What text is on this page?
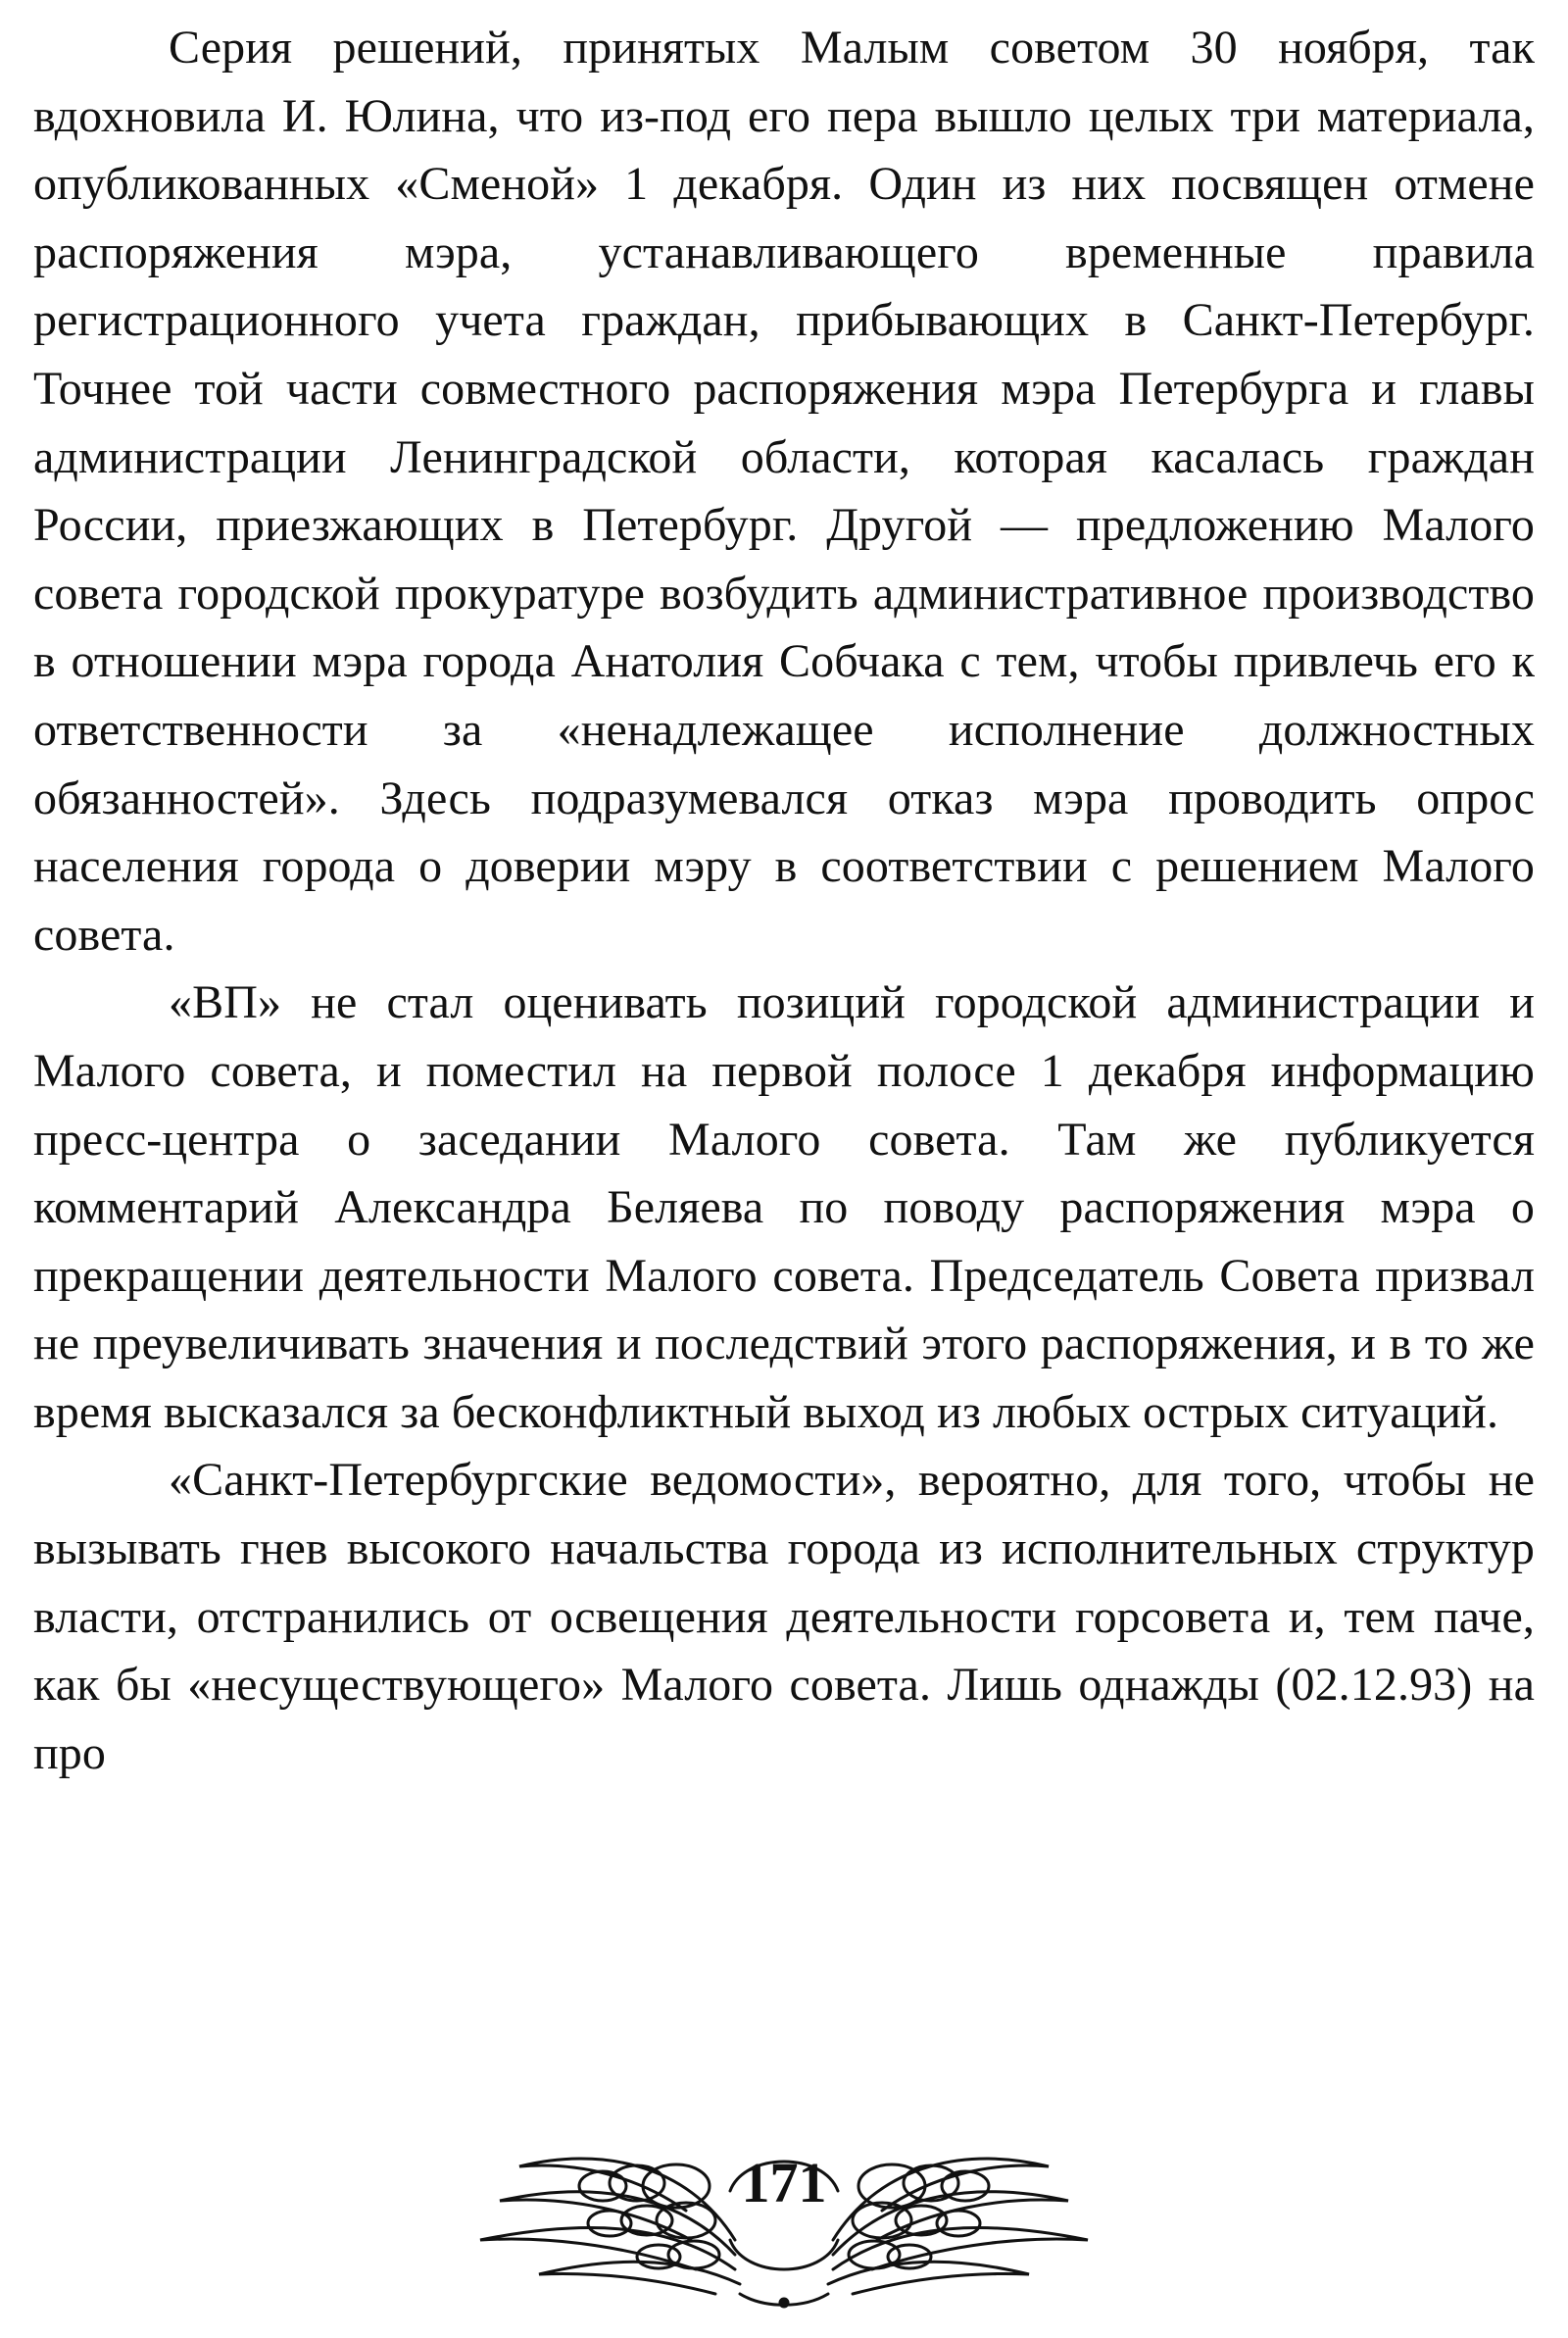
Серия решений, принятых Малым советом 30 ноября, так вдохновила И. Юлина, что из-под его пера вышло целых три материала, опубликованных «Сменой» 1 декабря. Один из них посвящен отмене распоряжения мэра, устанавливающего временные правила регистрационного учета граждан, прибывающих в Санкт-Петербург. Точнее той части совместного распоряжения мэра Петербурга и главы администрации Ленинградской области, которая касалась граждан России, приезжающих в Петербург. Другой — предложению Малого совета городской прокуратуре возбудить административное производство в отношении мэра города Анатолия Собчака с тем, чтобы привлечь его к ответственности за «ненадлежащее исполнение должностных обязанностей». Здесь подразумевался отказ мэра проводить опрос населения города о доверии мэру в соответствии с решением Малого совета.

«ВП» не стал оценивать позиций городской администрации и Малого совета, и поместил на первой полосе 1 декабря информацию пресс-центра о заседании Малого совета. Там же публикуется комментарий Александра Беляева по поводу распоряжения мэра о прекращении деятельности Малого совета. Председатель Совета призвал не преувеличивать значения и последствий этого распоряжения, и в то же время высказался за бесконфликтный выход из любых острых ситуаций.

«Санкт-Петербургские ведомости», вероятно, для того, чтобы не вызывать гнев высокого начальства города из исполнительных структур власти, отстранились от освещения деятельности горсовета и, тем паче, как бы «несуществующего» Малого совета. Лишь однажды (02.12.93) на про

171
